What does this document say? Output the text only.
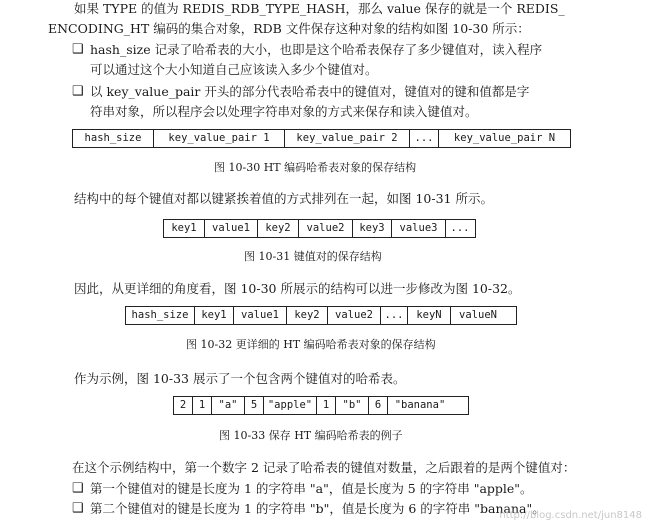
如果 TYPE 的值为 REDIS_RDB_TYPE_HASH，那么 value 保存的就是一个 REDIS_
ENCODING_HT 编码的集合对象，RDB 文件保存这种对象的结构如图 10-30 所示：
❑ hash_size 记录了哈希表的大小，也即是这个哈希表保存了多少键值对，读入程序
可以通过这个大小知道自己应该读入多少个键值对。
❑ 以 key_value_pair 开头的部分代表哈希表中的键值对，键值对的键和值都是字
符串对象，所以程序会以处理字符串对象的方式来保存和读入键值对。
hash_size	key_value_pair 1	key_value_pair 2	...	key_value_pair N
图 10-30 HT 编码哈希表对象的保存结构
结构中的每个键值对都以键紧挨着值的方式排列在一起，如图 10-31 所示。
key1	value1	key2	value2	key3	value3	...
图 10-31 键值对的保存结构
因此，从更详细的角度看，图 10-30 所展示的结构可以进一步修改为图 10-32。
hash_size	key1	value1	key2	value2	...	keyN	valueN
图 10-32 更详细的 HT 编码哈希表对象的保存结构
作为示例，图 10-33 展示了一个包含两个键值对的哈希表。
2	1	"a"	5	"apple"	1	"b"	6	"banana"
图 10-33 保存 HT 编码哈希表的例子
在这个示例结构中，第一个数字 2 记录了哈希表的键值对数量，之后跟着的是两个键值对：
❑ 第一个键值对的键是长度为 1 的字符串 "a"，值是长度为 5 的字符串 "apple"。
❑ 第二个键值对的键是长度为 1 的字符串 "b"，值是长度为 6 的字符串 "banana"。
http://blog.csdn.net/jun8148
